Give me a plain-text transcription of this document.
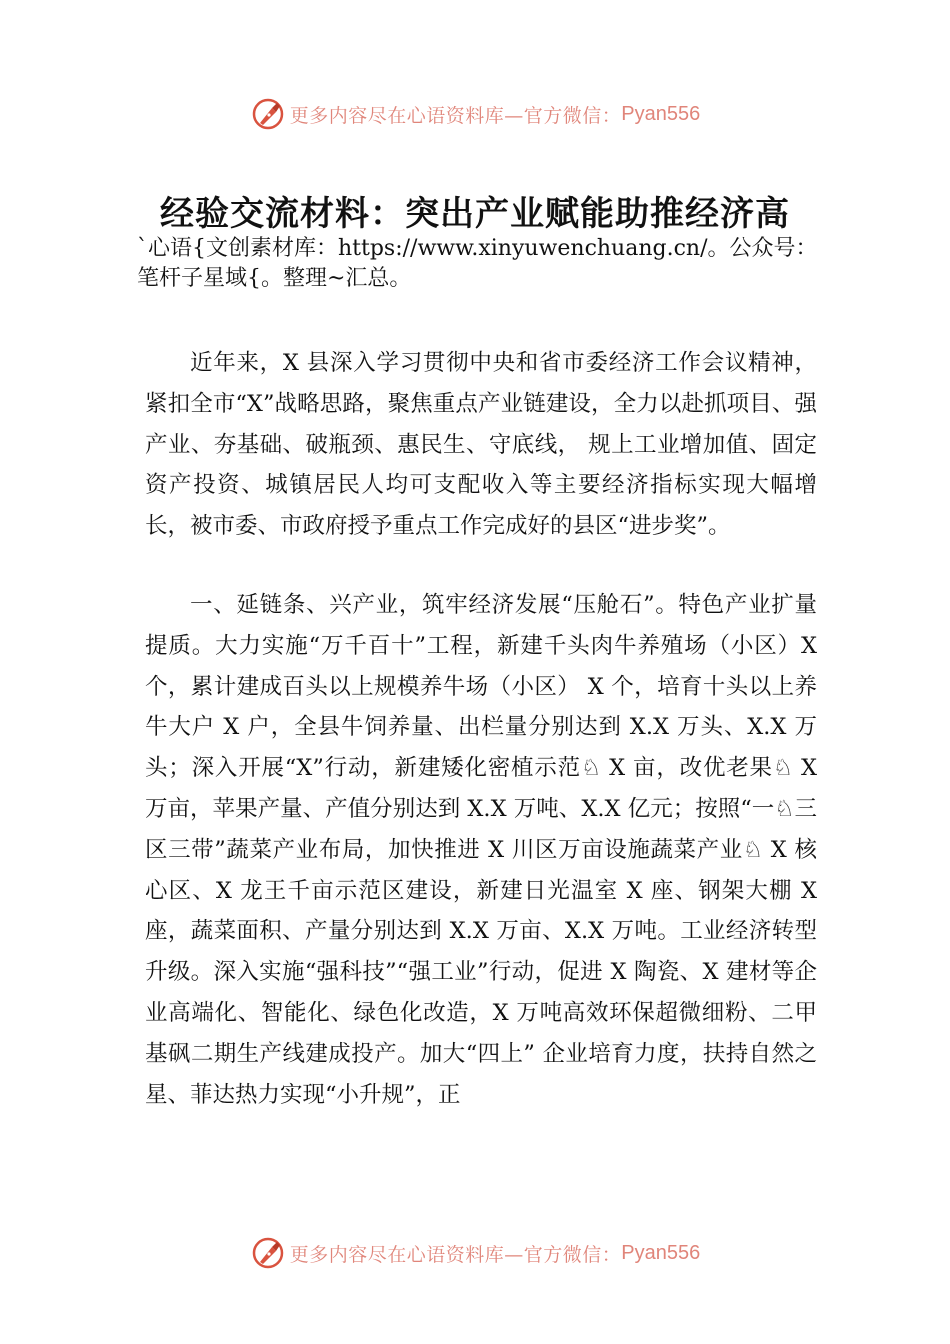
更多内容尽在心语资料库—官方微信： Pyan556
经验交流材料：突出产业赋能助推经济高
`心语{文创素材库：https://www.xinyuwenchuang.cn/。公众号：笔杆子星域{。整理~汇总。

近年来，X 县深入学习贯彻中央和省市委经济工作会议精神，紧扣全市“X”战略思路，聚焦重点产业链建设，全力以赴抓项目、强产业、夯基础、破瓶颈、惠民生、守底线， 规上工业增加值、固定资产投资、城镇居民人均可支配收入等主要经济指标实现大幅增长，被市委、市政府授予重点工作完成好的县区“进步奖”。

一、延链条、兴产业，筑牢经济发展“压舱石”。特色产业扩量提质。大力实施“万千百十”工程，新建千头肉牛养殖场（小区）X 个，累计建成百头以上规模养牛场（小区） X 个，培育十头以上养牛大户 X 户，全县牛饲养量、出栏量分别达到 X.X 万头、X.X 万头；深入开展“X”行动，新建矮化密植示范♘ X 亩，改优老果♘ X 万亩，苹果产量、产值分别达到 X.X 万吨、X.X 亿元；按照“一♘三区三带”蔬菜产业布局，加快推进 X 川区万亩设施蔬菜产业♘ X 核心区、X 龙王千亩示范区建设，新建日光温室 X 座、钢架大棚 X 座，蔬菜面积、产量分别达到 X.X 万亩、X.X 万吨。工业经济转型升级。深入实施“强科技”“强工业”行动，促进 X 陶瓷、X 建材等企业高端化、智能化、绿色化改造，X 万吨高效环保超微细粉、二甲基砜二期生产线建成投产。加大“四上” 企业培育力度，扶持自然之星、菲达热力实现“小升规”，正

更多内容尽在心语资料库—官方微信： Pyan556
